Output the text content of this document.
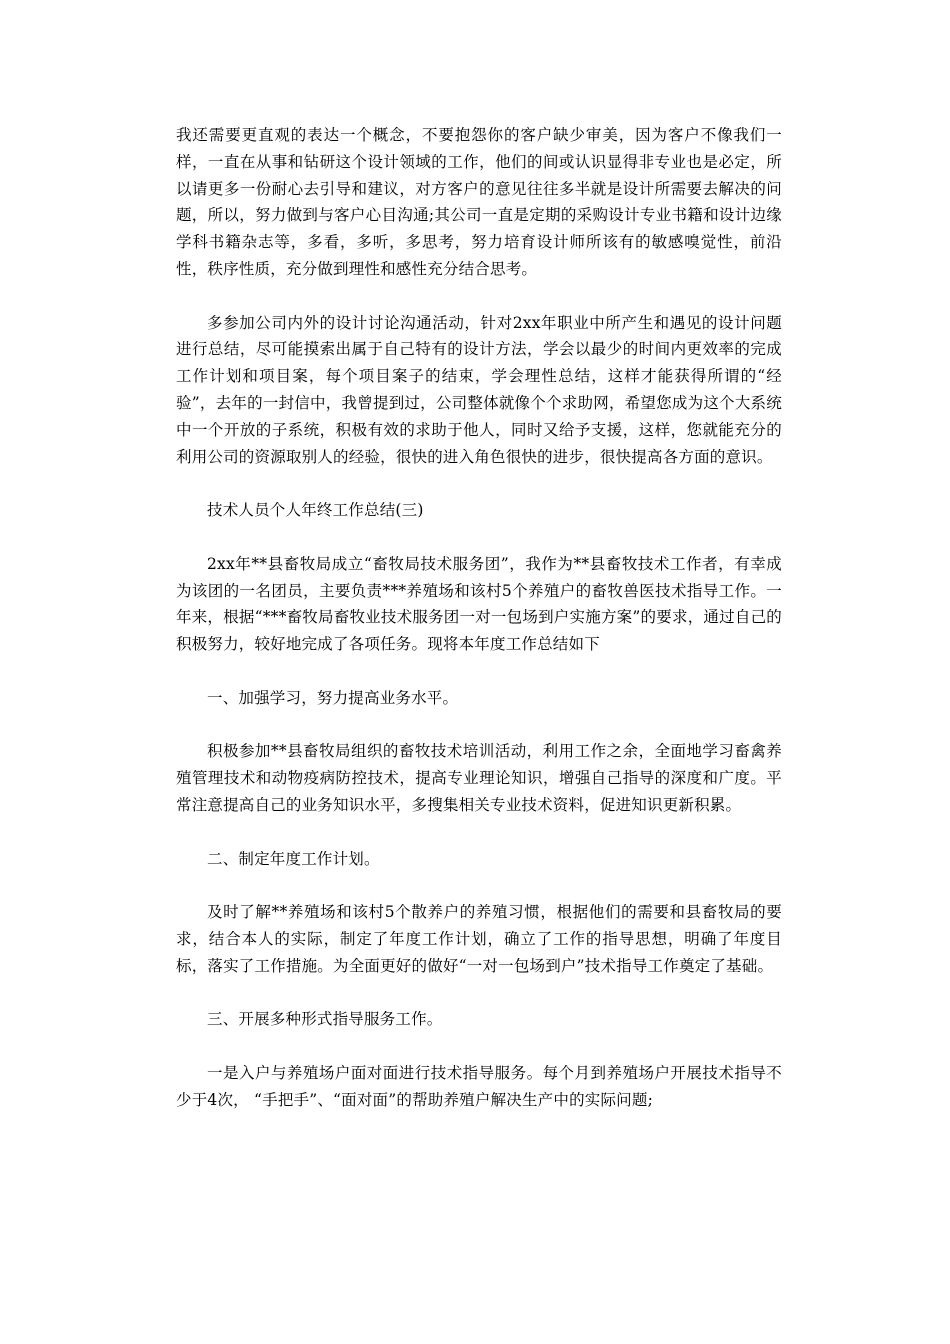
我还需要更直观的表达一个概念，不要抱怨你的客户缺少审美，因为客户不像我们一样，一直在从事和钻研这个设计领域的工作，他们的间或认识显得非专业也是必定，所以请更多一份耐心去引导和建议，对方客户的意见往往多半就是设计所需要去解决的问题，所以，努力做到与客户心目沟通;其公司一直是定期的采购设计专业书籍和设计边缘学科书籍杂志等，多看，多听，多思考，努力培育设计师所该有的敏感嗅觉性，前沿性，秩序性质，充分做到理性和感性充分结合思考。

多参加公司内外的设计讨论沟通活动，针对2xx年职业中所产生和遇见的设计问题进行总结，尽可能摸索出属于自己特有的设计方法，学会以最少的时间内更效率的完成工作计划和项目案，每个项目案子的结束，学会理性总结，这样才能获得所谓的“经验”，去年的一封信中，我曾提到过，公司整体就像个个求助网，希望您成为这个大系统中一个开放的子系统，积极有效的求助于他人，同时又给予支援，这样，您就能充分的利用公司的资源取别人的经验，很快的进入角色很快的进步，很快提高各方面的意识。

技术人员个人年终工作总结(三)

2xx年**县畜牧局成立“畜牧局技术服务团”，我作为**县畜牧技术工作者，有幸成为该团的一名团员，主要负责***养殖场和该村5个养殖户的畜牧兽医技术指导工作。一年来，根据“***畜牧局畜牧业技术服务团一对一包场到户实施方案”的要求，通过自己的积极努力，较好地完成了各项任务。现将本年度工作总结如下

一、加强学习，努力提高业务水平。

积极参加**县畜牧局组织的畜牧技术培训活动，利用工作之余，全面地学习畜禽养殖管理技术和动物疫病防控技术，提高专业理论知识，增强自己指导的深度和广度。平常注意提高自己的业务知识水平，多搜集相关专业技术资料，促进知识更新积累。

二、制定年度工作计划。

及时了解**养殖场和该村5个散养户的养殖习惯，根据他们的需要和县畜牧局的要求，结合本人的实际，制定了年度工作计划，确立了工作的指导思想，明确了年度目标，落实了工作措施。为全面更好的做好“一对一包场到户”技术指导工作奠定了基础。

三、开展多种形式指导服务工作。

一是入户与养殖场户面对面进行技术指导服务。每个月到养殖场户开展技术指导不少于4次， “手把手”、“面对面”的帮助养殖户解决生产中的实际问题;
